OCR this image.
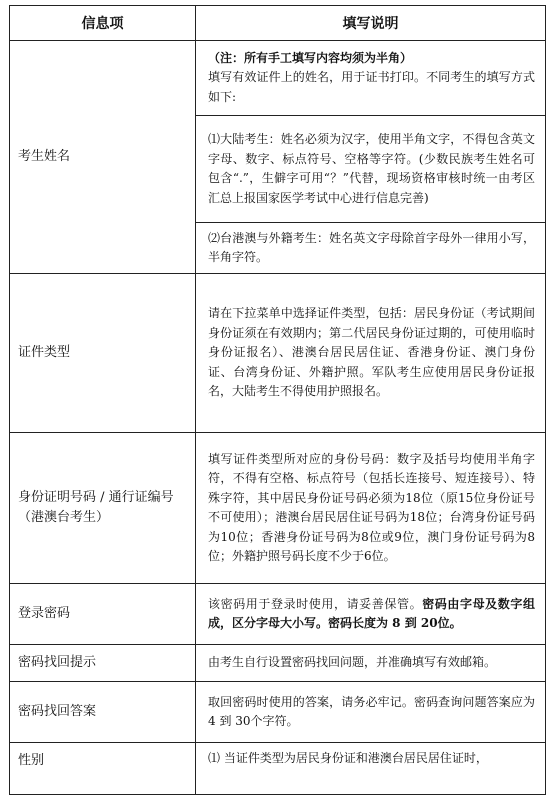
信息项	填写说明
考生姓名	（注：所有手工填写内容均须为半角）
填写有效证件上的姓名，用于证书打印。不同考生的填写方式如下:
	⑴大陆考生：姓名必须为汉字，使用半角文字，不得包含英文字母、数字、标点符号、空格等字符。(少数民族考生姓名可包含“.”，生僻字可用“？”代替，现场资格审核时统一由考区汇总上报国家医学考试中心进行信息完善)
	⑵台港澳与外籍考生：姓名英文字母除首字母外一律用小写，半角字符。
证件类型	请在下拉菜单中选择证件类型，包括：居民身份证（考试期间身份证须在有效期内；第二代居民身份证过期的，可使用临时身份证报名）、港澳台居民居住证、香港身份证、澳门身份证、台湾身份证、外籍护照。军队考生应使用居民身份证报名，大陆考生不得使用护照报名。
身份证明号码 / 通行证编号（港澳台考生）	填写证件类型所对应的身份号码：数字及括号均使用半角字符，不得有空格、标点符号（包括长连接号、短连接号）、特殊字符，其中居民身份证号码必须为18位（原15位身份证号不可使用）；港澳台居民居住证号码为18位；台湾身份证号码为10位；香港身份证号码为8位或9位，澳门身份证号码为8位；外籍护照号码长度不少于6位。
登录密码	该密码用于登录时使用，请妥善保管。密码由字母及数字组成，区分字母大小写。密码长度为 8 到 20位。
密码找回提示	由考生自行设置密码找回问题，并准确填写有效邮箱。
密码找回答案	取回密码时使用的答案，请务必牢记。密码查询问题答案应为 4 到 30个字符。
性别	⑴ 当证件类型为居民身份证和港澳台居民居住证时，
